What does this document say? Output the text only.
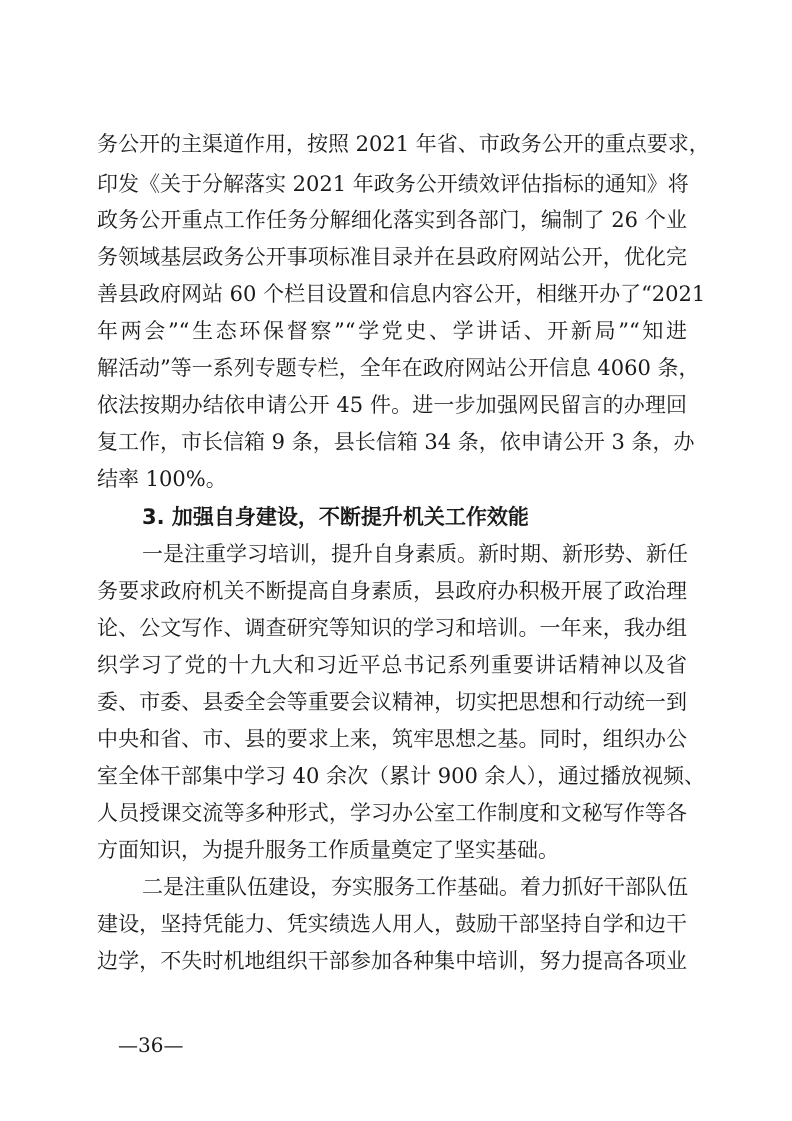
务公开的主渠道作用，按照 2021 年省、市政务公开的重点要求，
印发《关于分解落实 2021 年政务公开绩效评估指标的通知》将
政务公开重点工作任务分解细化落实到各部门，编制了 26 个业
务领域基层政务公开事项标准目录并在县政府网站公开，优化完
善县政府网站 60 个栏目设置和信息内容公开，相继开办了“2021
年两会”“生态环保督察”“学党史、学讲话、开新局”“知进
解活动”等一系列专题专栏，全年在政府网站公开信息 4060 条，
依法按期办结依申请公开 45 件。进一步加强网民留言的办理回
复工作，市长信箱 9 条，县长信箱 34 条，依申请公开 3 条，办
结率 100%。
3. 加强自身建设，不断提升机关工作效能
一是注重学习培训，提升自身素质。新时期、新形势、新任
务要求政府机关不断提高自身素质，县政府办积极开展了政治理
论、公文写作、调查研究等知识的学习和培训。一年来，我办组
织学习了党的十九大和习近平总书记系列重要讲话精神以及省
委、市委、县委全会等重要会议精神，切实把思想和行动统一到
中央和省、市、县的要求上来，筑牢思想之基。同时，组织办公
室全体干部集中学习 40 余次（累计 900 余人），通过播放视频、
人员授课交流等多种形式，学习办公室工作制度和文秘写作等各
方面知识，为提升服务工作质量奠定了坚实基础。
二是注重队伍建设，夯实服务工作基础。着力抓好干部队伍
建设，坚持凭能力、凭实绩选人用人，鼓励干部坚持自学和边干
边学，不失时机地组织干部参加各种集中培训，努力提高各项业
—36—
